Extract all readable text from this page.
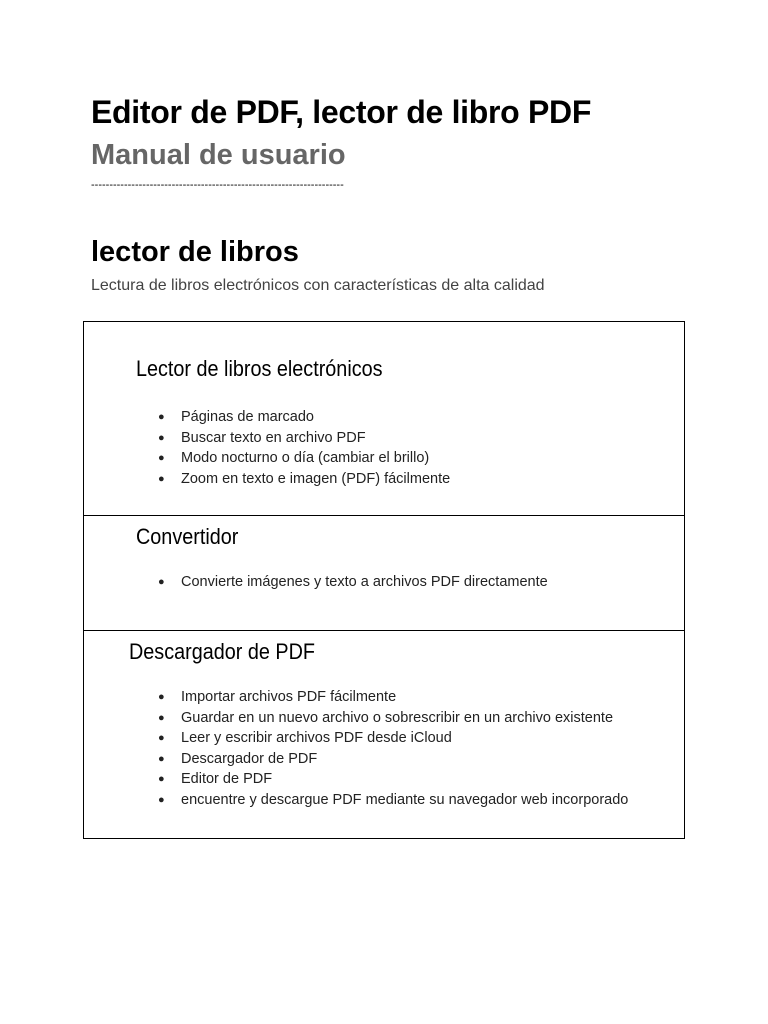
Editor de PDF, lector de libro PDF
Manual de usuario
---------------------------------------------------------------------
lector de libros

Lectura de libros electrónicos con características de alta calidad

Lector de libros electrónicos
● Páginas de marcado
● Buscar texto en archivo PDF
● Modo nocturno o día (cambiar el brillo)
● Zoom en texto e imagen (PDF) fácilmente
Convertidor
● Convierte imágenes y texto a archivos PDF directamente
Descargador de PDF
● Importar archivos PDF fácilmente
● Guardar en un nuevo archivo o sobrescribir en un archivo existente
● Leer y escribir archivos PDF desde iCloud
● Descargador de PDF
● Editor de PDF
● encuentre y descargue PDF mediante su navegador web incorporado
